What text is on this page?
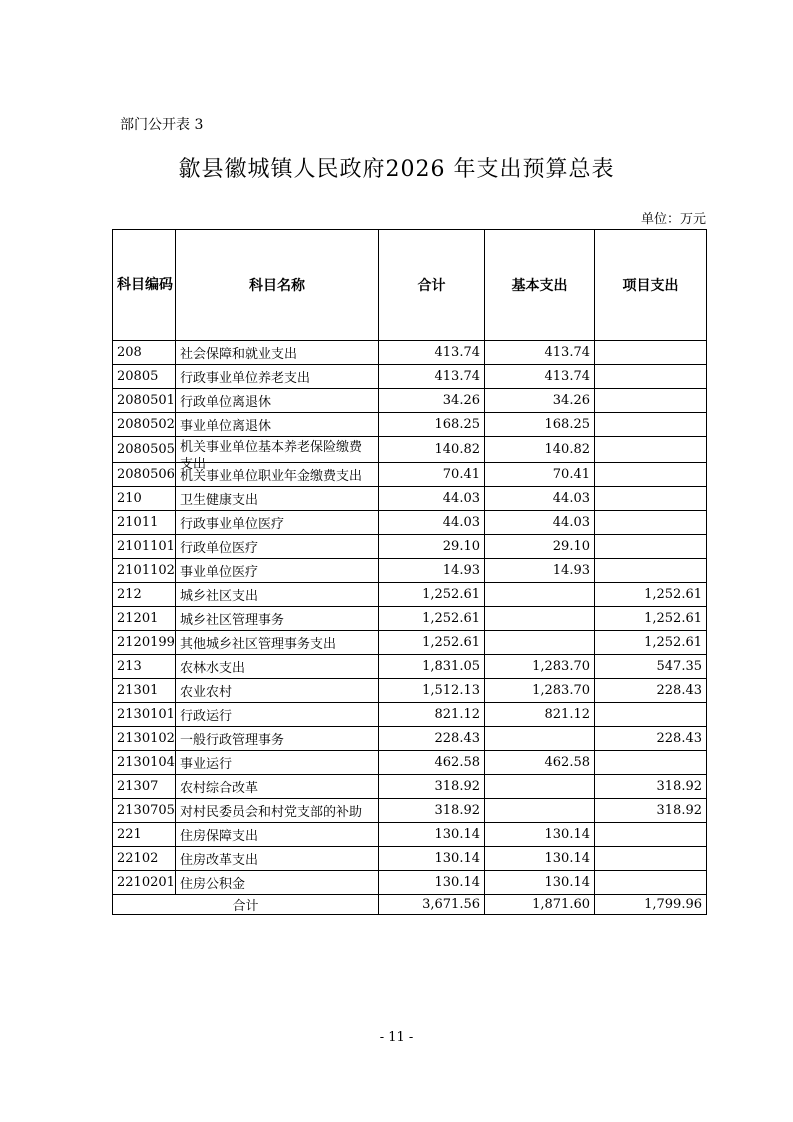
部门公开表 3
歙县徽城镇人民政府2026 年支出预算总表
单位：万元
科目编码	科目名称	合计	基本支出	项目支出
208	社会保障和就业支出	413.74	413.74	
20805	行政事业单位养老支出	413.74	413.74	
2080501	行政单位离退休	34.26	34.26	
2080502	事业单位离退休	168.25	168.25	
2080505	机关事业单位基本养老保险缴费支出	140.82	140.82	
2080506	机关事业单位职业年金缴费支出	70.41	70.41	
210	卫生健康支出	44.03	44.03	
21011	行政事业单位医疗	44.03	44.03	
2101101	行政单位医疗	29.10	29.10	
2101102	事业单位医疗	14.93	14.93	
212	城乡社区支出	1,252.61		1,252.61
21201	城乡社区管理事务	1,252.61		1,252.61
2120199	其他城乡社区管理事务支出	1,252.61		1,252.61
213	农林水支出	1,831.05	1,283.70	547.35
21301	农业农村	1,512.13	1,283.70	228.43
2130101	行政运行	821.12	821.12	
2130102	一般行政管理事务	228.43		228.43
2130104	事业运行	462.58	462.58	
21307	农村综合改革	318.92		318.92
2130705	对村民委员会和村党支部的补助	318.92		318.92
221	住房保障支出	130.14	130.14	
22102	住房改革支出	130.14	130.14	
2210201	住房公积金	130.14	130.14	
合计		3,671.56	1,871.60	1,799.96
- 11 -
